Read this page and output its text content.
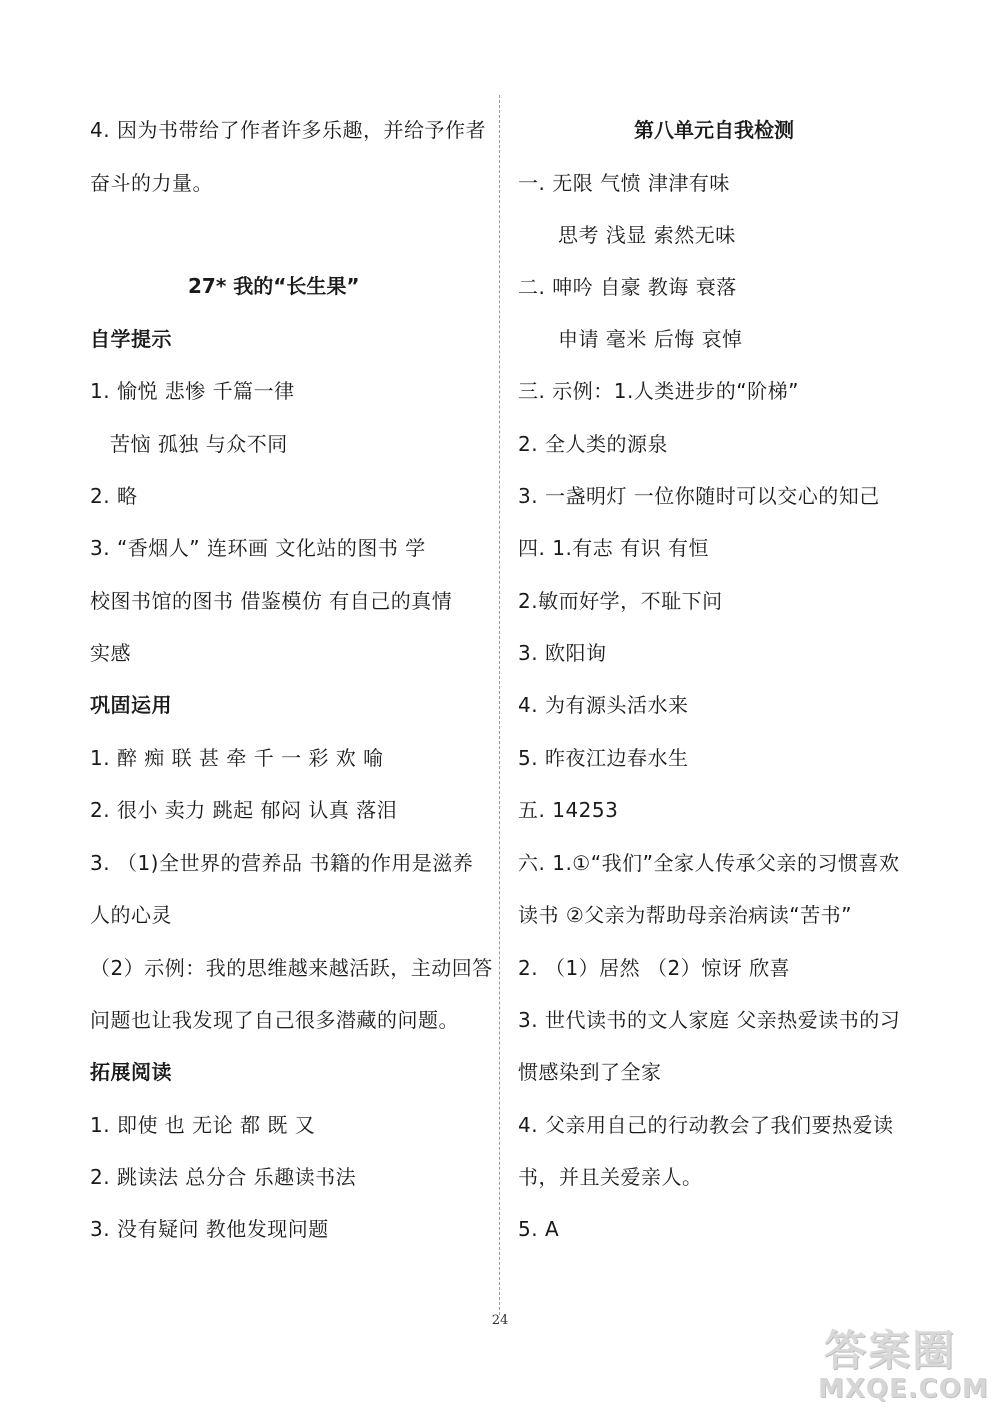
4. 因为书带给了作者许多乐趣，并给予作者
奋斗的力量。
27* 我的“长生果”
自学提示
1. 愉悦 悲惨 千篇一律
苦恼 孤独 与众不同
2. 略
3. “香烟人” 连环画 文化站的图书 学
校图书馆的图书 借鉴模仿 有自己的真情
实感
巩固运用
1. 醉 痴 联 甚 牵 千 一 彩 欢 喻
2. 很小 卖力 跳起 郁闷 认真 落泪
3. （1)全世界的营养品 书籍的作用是滋养
人的心灵
（2）示例：我的思维越来越活跃，主动回答
问题也让我发现了自己很多潜藏的问题。
拓展阅读
1. 即使 也 无论 都 既 又
2. 跳读法 总分合 乐趣读书法
3. 没有疑问 教他发现问题
第八单元自我检测
一. 无限 气愤 津津有味
思考 浅显 索然无味
二. 呻吟 自豪 教诲 衰落
申请 毫米 后悔 哀悼
三. 示例：1.人类进步的“阶梯”
2. 全人类的源泉
3. 一盏明灯 一位你随时可以交心的知己
四. 1.有志 有识 有恒
2.敏而好学，不耻下问
3. 欧阳询
4. 为有源头活水来
5. 昨夜江边春水生
五. 14253
六. 1.①“我们”全家人传承父亲的习惯喜欢
读书 ②父亲为帮助母亲治病读“苦书”
2. （1）居然 （2）惊讶 欣喜
3. 世代读书的文人家庭 父亲热爱读书的习
惯感染到了全家
4. 父亲用自己的行动教会了我们要热爱读
书，并且关爱亲人。
5. A
24
答案圈
MXQE.COM
